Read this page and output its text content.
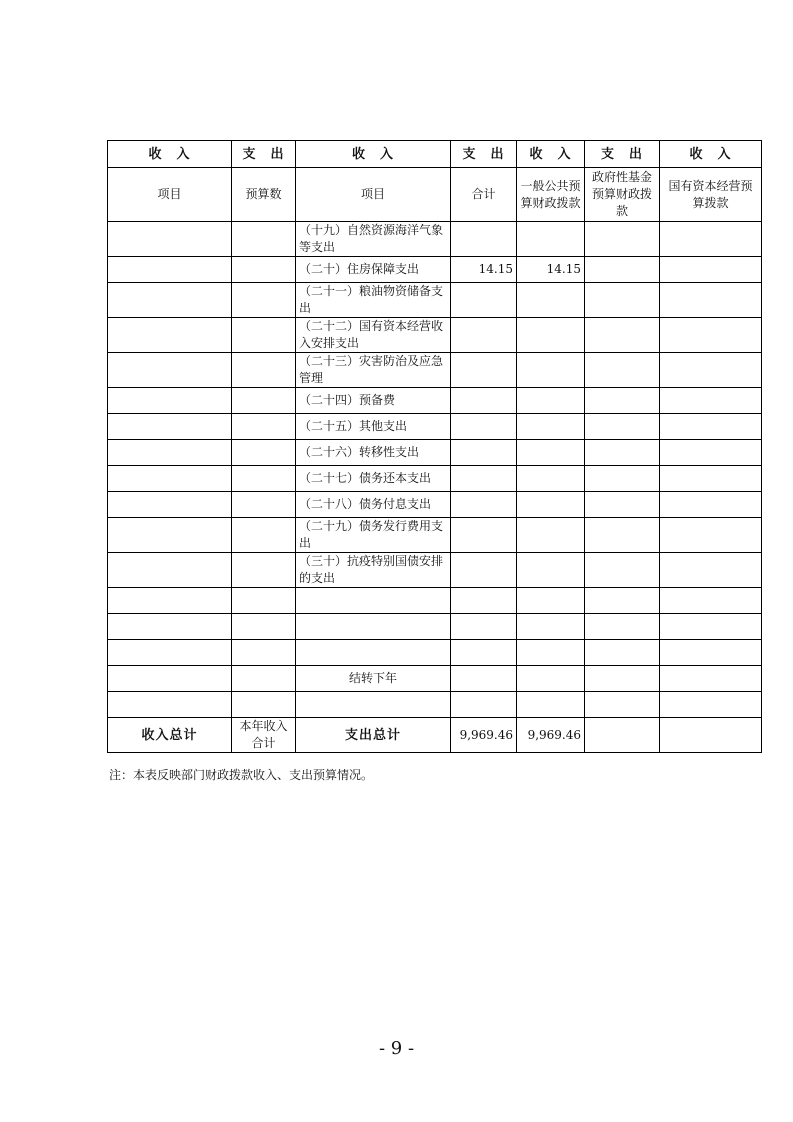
收　入	支　出	收　入	支　出	收　入	支　出	收　入
项目	预算数	项目	合计	一般公共预算财政拨款	政府性基金预算财政拨款	国有资本经营预算拨款
		（十九）自然资源海洋气象等支出				
		（二十）住房保障支出	14.15	14.15		
		（二十一）粮油物资储备支出				
		（二十二）国有资本经营收入安排支出				
		（二十三）灾害防治及应急管理				
		（二十四）预备费				
		（二十五）其他支出				
		（二十六）转移性支出				
		（二十七）债务还本支出				
		（二十八）债务付息支出				
		（二十九）债务发行费用支出				
		（三十）抗疫特别国债安排的支出				

		结转下年				

收入总计	本年收入合计	支出总计	9,969.46	9,969.46		
注：本表反映部门财政拨款收入、支出预算情况。
- 9 -
